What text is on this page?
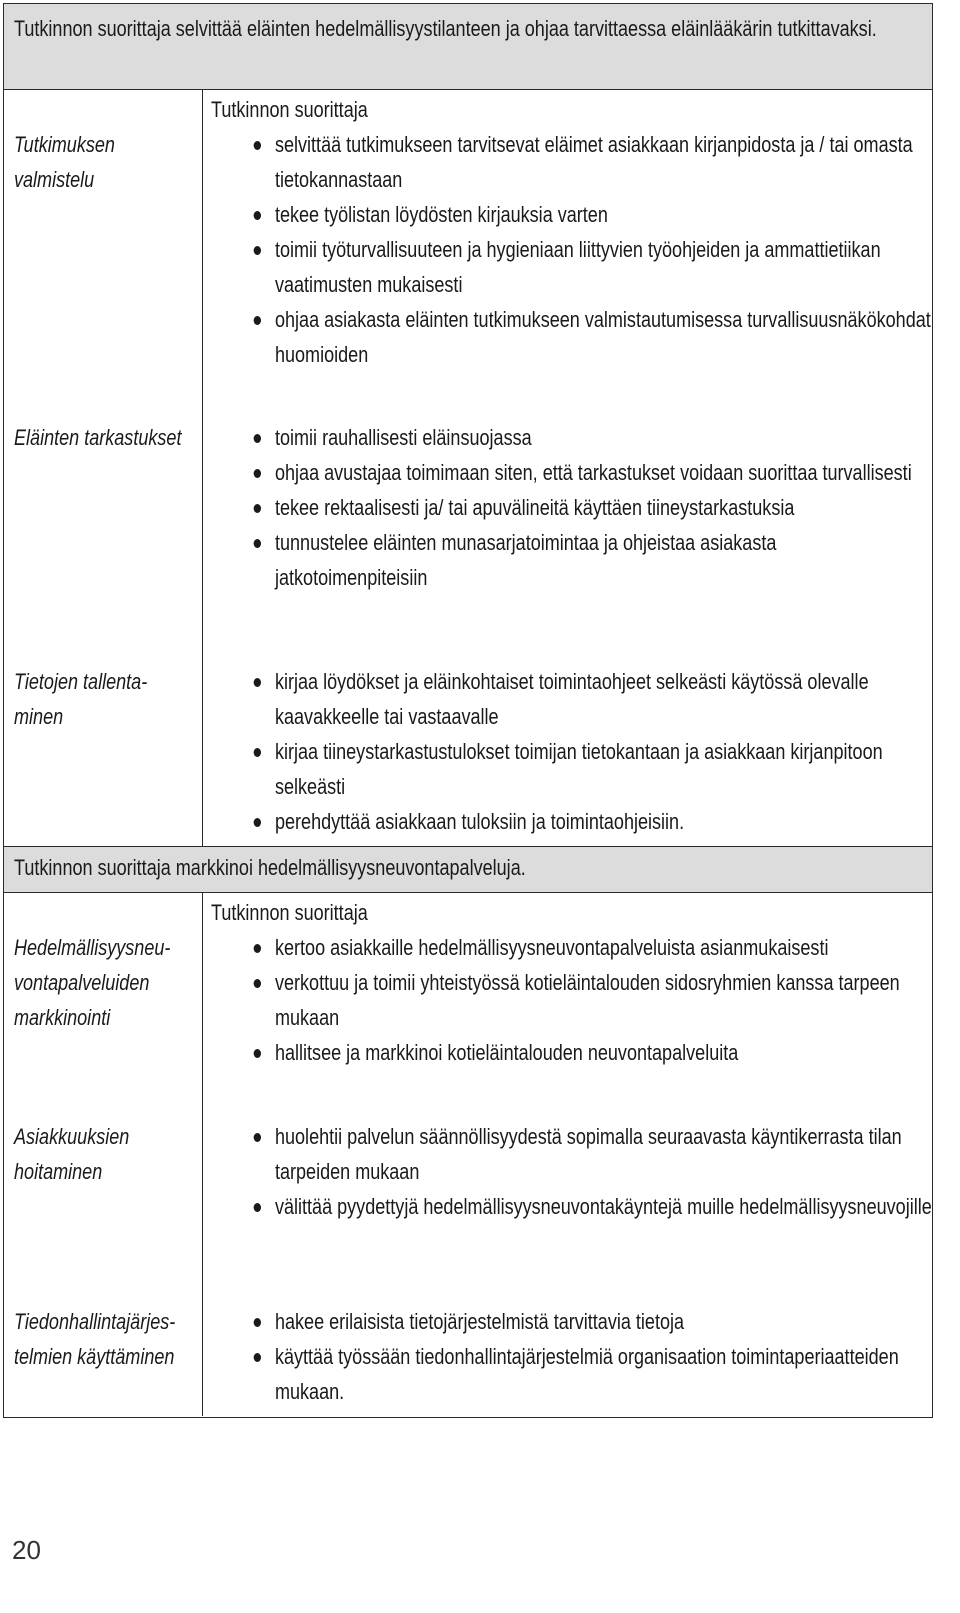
Tutkinnon suorittaja selvittää eläinten hedelmällisyystilanteen ja ohjaa tarvittaessa eläinlääkärin tutkittavaksi.
Tutkimuksen
valmistelu
Tutkinnon suorittaja
selvittää tutkimukseen tarvitsevat eläimet asiakkaan kirjanpidosta ja / tai omasta tietokannastaan
tekee työlistan löydösten kirjauksia varten
toimii työturvallisuuteen ja hygieniaan liittyvien työohjeiden ja ammattietiikan vaatimusten mukaisesti
ohjaa asiakasta eläinten tutkimukseen valmistautumisessa turvallisuusnäkökohdat huomioiden
Eläinten tarkastukset	toimii rauhallisesti eläinsuojassa
ohjaa avustajaa toimimaan siten, että tarkastukset voidaan suorittaa turvallisesti
tekee rektaalisesti ja/ tai apuvälineitä käyttäen tiineystarkastuksia
tunnustelee eläinten munasarjatoimintaa ja ohjeistaa asiakasta jatkotoimenpiteisiin
Tietojen tallenta-
minen
kirjaa löydökset ja eläinkohtaiset toimintaohjeet selkeästi käytössä olevalle kaavakkeelle tai vastaavalle
kirjaa tiineystarkastustulokset toimijan tietokantaan ja asiakkaan kirjanpitoon selkeästi
perehdyttää asiakkaan tuloksiin ja toimintaohjeisiin.
Tutkinnon suorittaja markkinoi hedelmällisyysneuvontapalveluja.
Hedelmällisyysneu-
vontapalveluiden
markkinointi
Tutkinnon suorittaja
kertoo asiakkaille hedelmällisyysneuvontapalveluista asianmukaisesti
verkottuu ja toimii yhteistyössä kotieläintalouden sidosryhmien kanssa tarpeen mukaan
hallitsee ja markkinoi kotieläintalouden neuvontapalveluita
Asiakkuuksien
hoitaminen
huolehtii palvelun säännöllisyydestä sopimalla seuraavasta käyntikerrasta tilan tarpeiden mukaan
välittää pyydettyjä hedelmällisyysneuvontakäyntejä muille hedelmällisyysneuvojille
Tiedonhallintajärjes-
telmien käyttäminen
hakee erilaisista tietojärjestelmistä tarvittavia tietoja
käyttää työssään tiedonhallintajärjestelmiä organisaation toimintaperiaatteiden mukaan.
20
